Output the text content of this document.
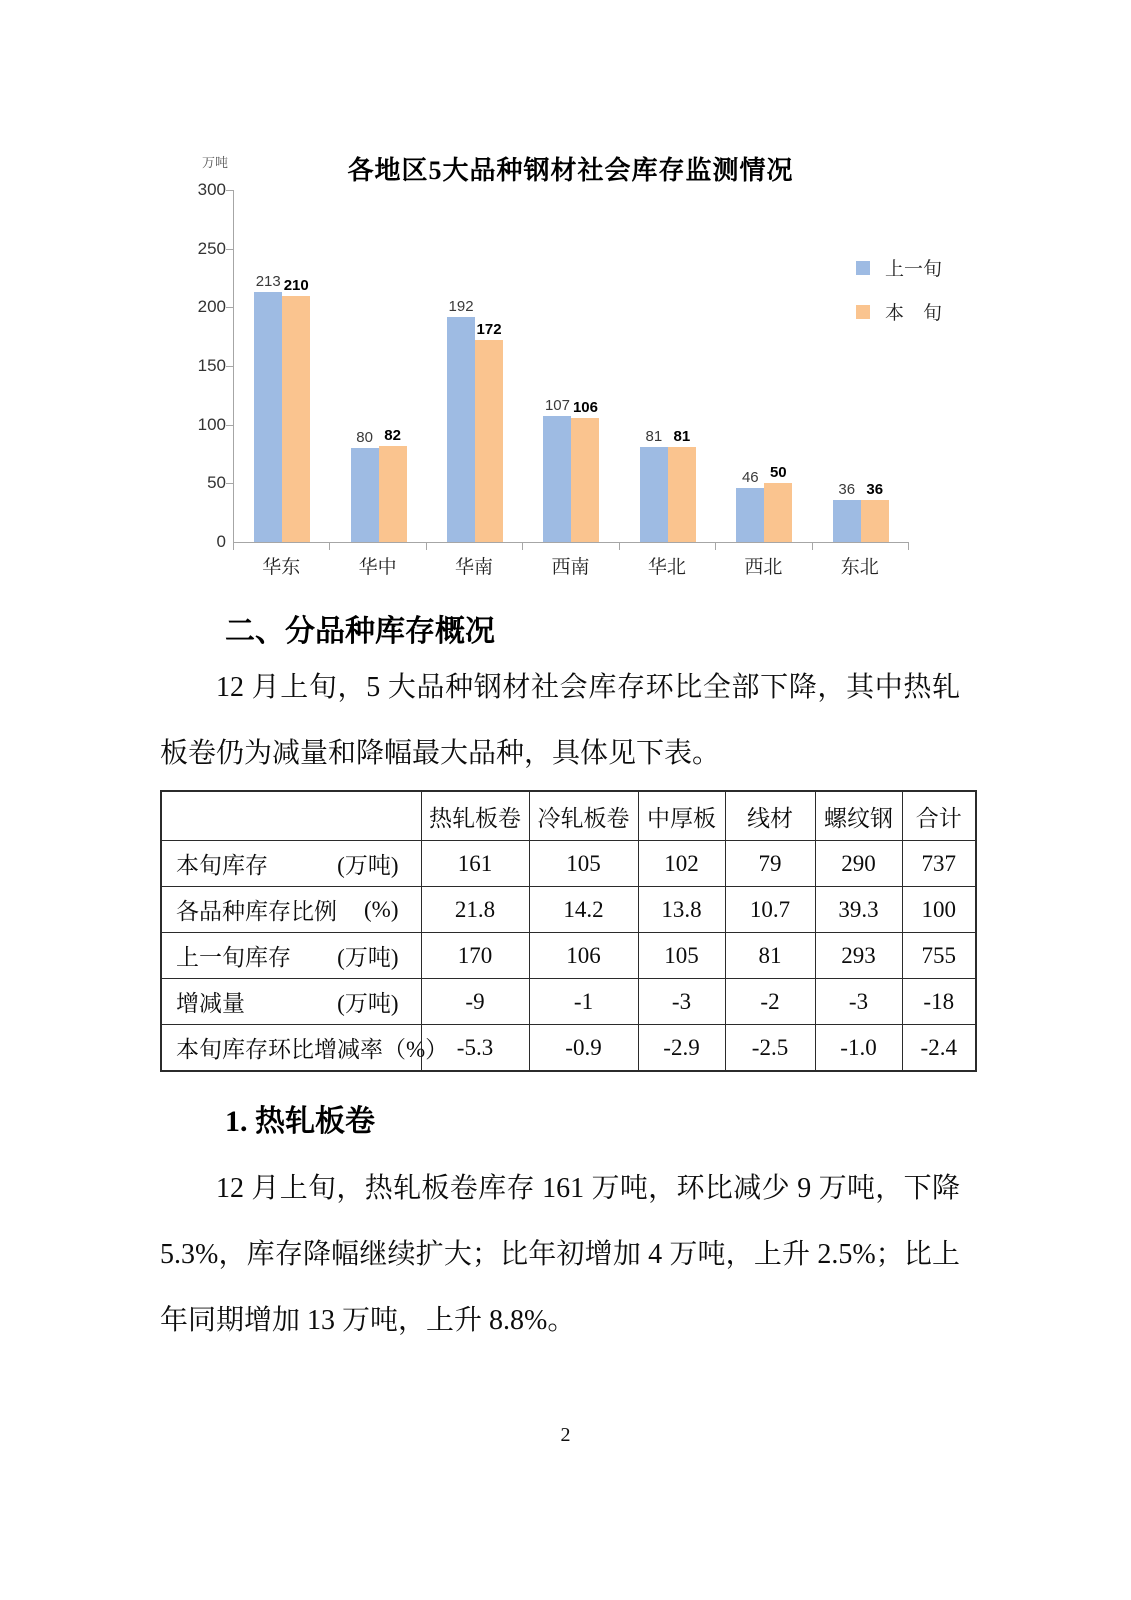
万吨	各地区5大品种钢材社会库存监测情况
300
250
200
150
100
50
0
213 210
80 82
192
172
107 106
81 81
46 50
36 36
华东	华中	华南	西南	华北	西北	东北
上一旬
本　旬
二、分品种库存概况
12 月上旬，5 大品种钢材社会库存环比全部下降，其中热轧板卷仍为减量和降幅最大品种，具体见下表。
	热轧板卷	冷轧板卷	中厚板	线材	螺纹钢	合计

本旬库存 (万吨)	161	105	102	79	290	737

各品种库存比例 (%)	21.8	14.2	13.8	10.7	39.3	100

上一旬库存 (万吨)	170	106	105	81	293	755

增减量 (万吨)	-9	-1	-3	-2	-3	-18

本旬库存环比增减率（%）	-5.3	-0.9	-2.9	-2.5	-1.0	-2.4
1. 热轧板卷
12 月上旬，热轧板卷库存 161 万吨，环比减少 9 万吨，下降 5.3%，库存降幅继续扩大；比年初增加 4 万吨，上升 2.5%；比上年同期增加 13 万吨，上升 8.8%。
2
